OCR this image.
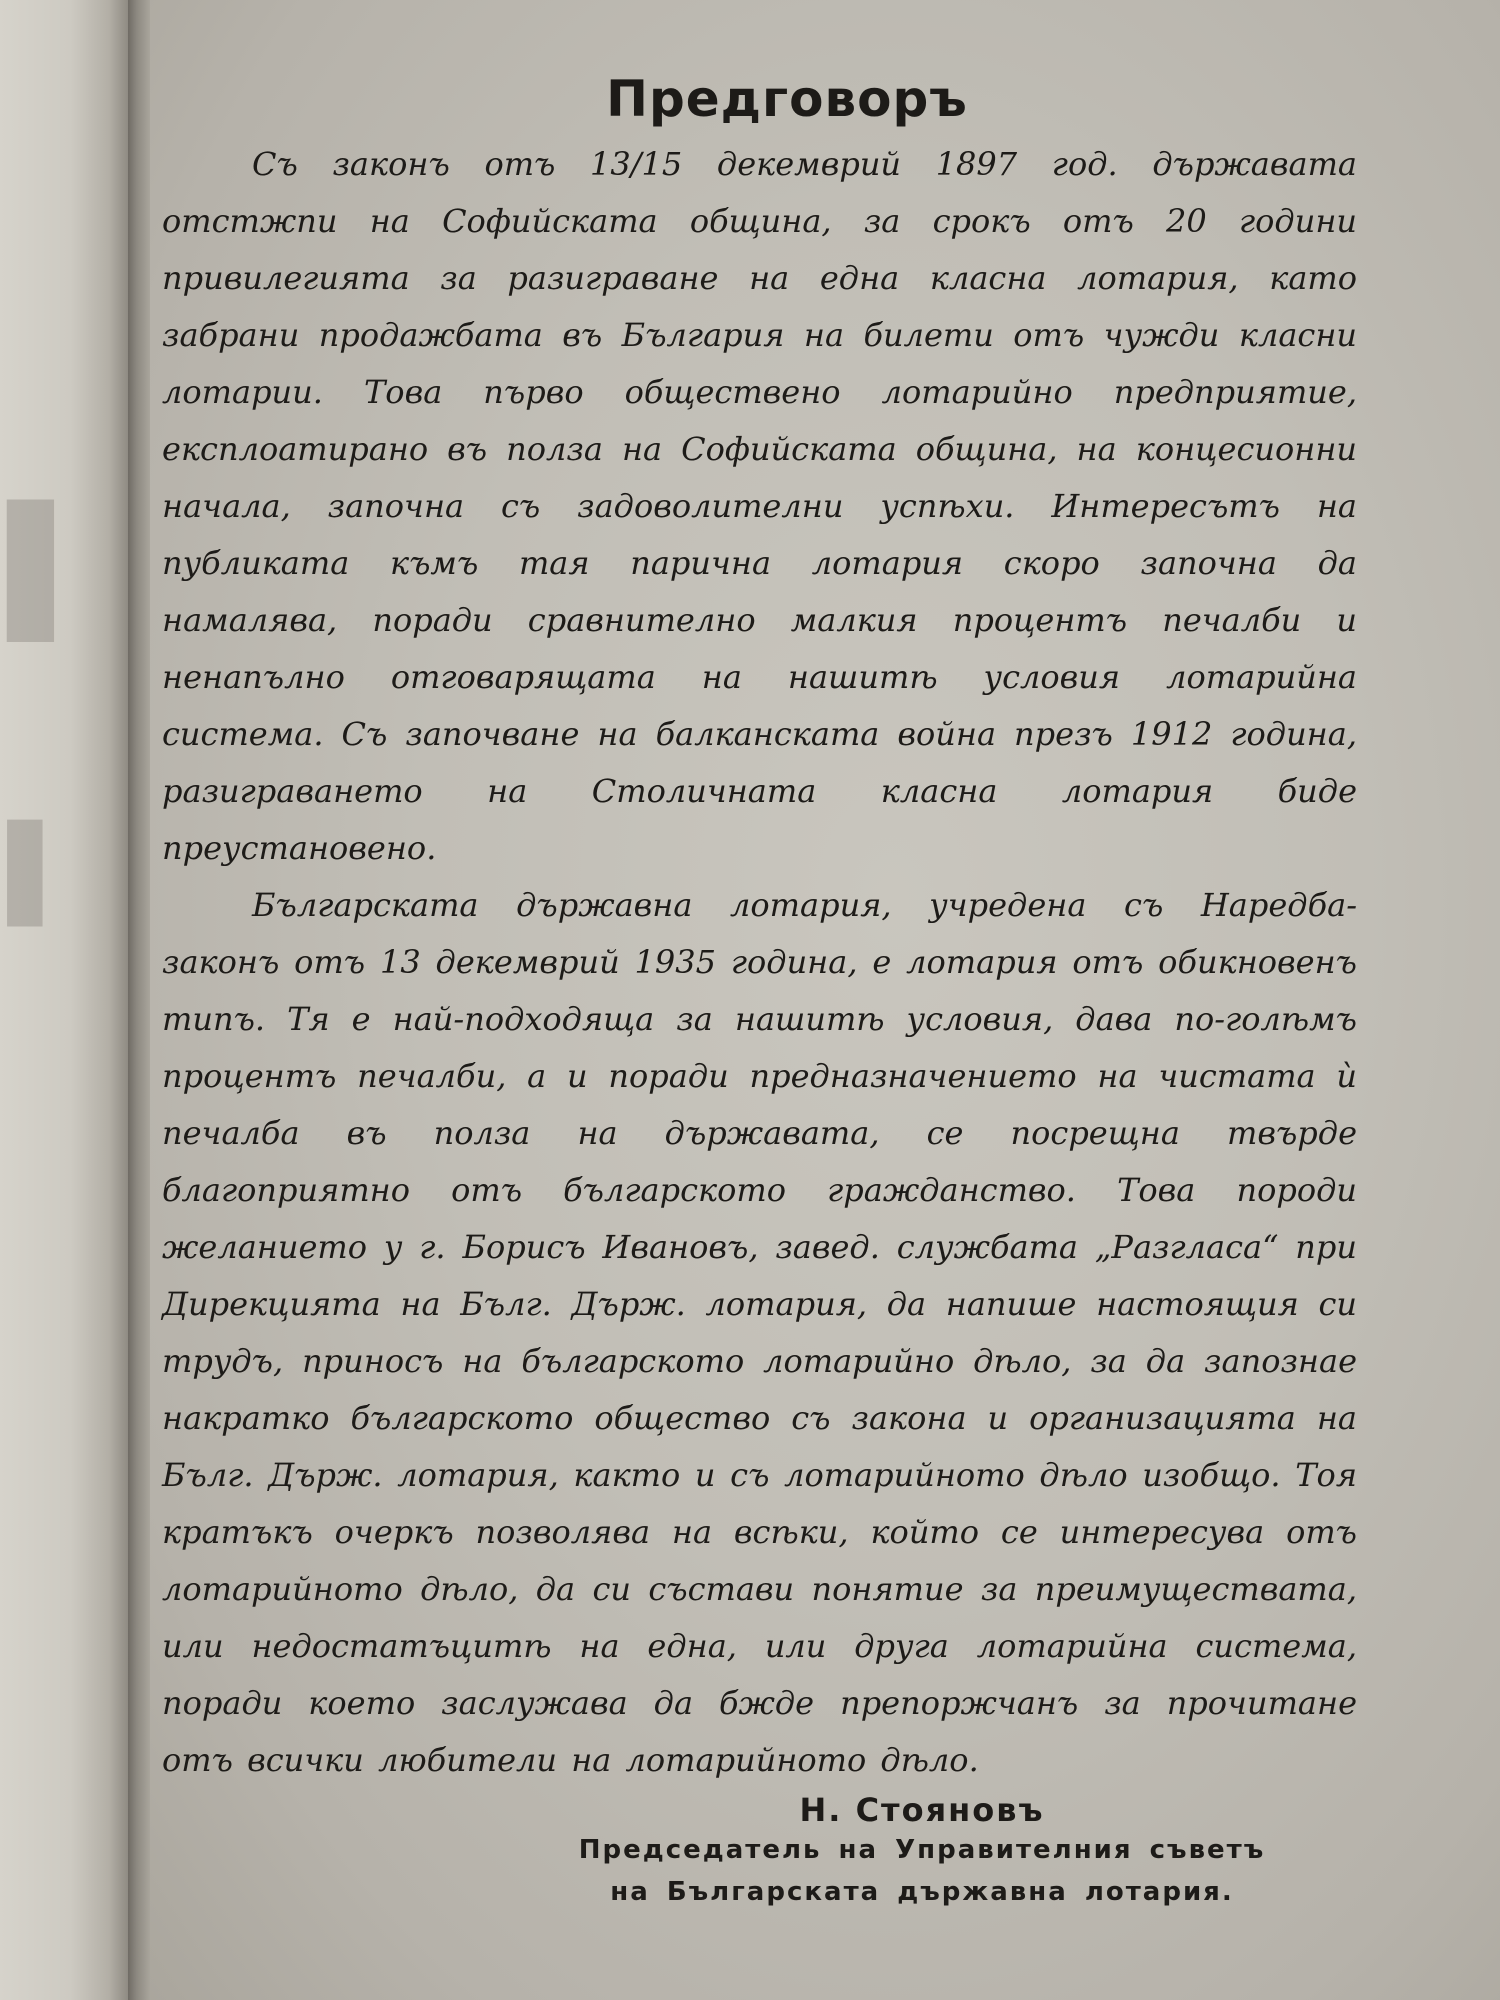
▌
▌
Предговоръ

Съ законъ отъ 13/15 декемврий 1897 год. държавата отстжпи на Софийската община, за срокъ отъ 20 години привилегията за разиграване на една класна лотария, като забрани продажбата въ България на билети отъ чужди класни лотарии. Това първо обществено лотарийно предприятие, експлоатирано въ полза на Софийската община, на концесионни начала, започна съ задоволителни успѣхи. Интересътъ на публиката къмъ тая парична лотария скоро започна да намалява, поради сравнително малкия процентъ печалби и ненапълно отговарящата на нашитѣ условия лотарийна система. Съ започване на балканската война презъ 1912 година, разиграването на Столичната класна лотария биде преустановено.

Българската държавна лотария, учредена съ Наредба-законъ отъ 13 декемврий 1935 година, е лотария отъ обикновенъ типъ. Тя е най-подходяща за нашитѣ условия, дава по-голѣмъ процентъ печалби, а и поради предназначението на чистата ѝ печалба въ полза на държавата, се посрещна твърде благоприятно отъ българското гражданство. Това породи желанието у г. Борисъ Ивановъ, завед. службата „Разгласа“ при Дирекцията на Бълг. Държ. лотария, да напише настоящия си трудъ, приносъ на българското лотарийно дѣло, за да запознае накратко българското общество съ закона и организацията на Бълг. Държ. лотария, както и съ лотарийното дѣло изобщо. Тоя кратъкъ очеркъ позволява на всѣки, който се интересува отъ лотарийното дѣло, да си състави понятие за преимуществата, или недостатъцитѣ на една, или друга лотарийна система, поради което заслужава да бжде препоржчанъ за прочитане отъ всички любители на лотарийното дѣло.

Н. Стояновъ
Председатель на Управителния съветъ
на Българската държавна лотария.
